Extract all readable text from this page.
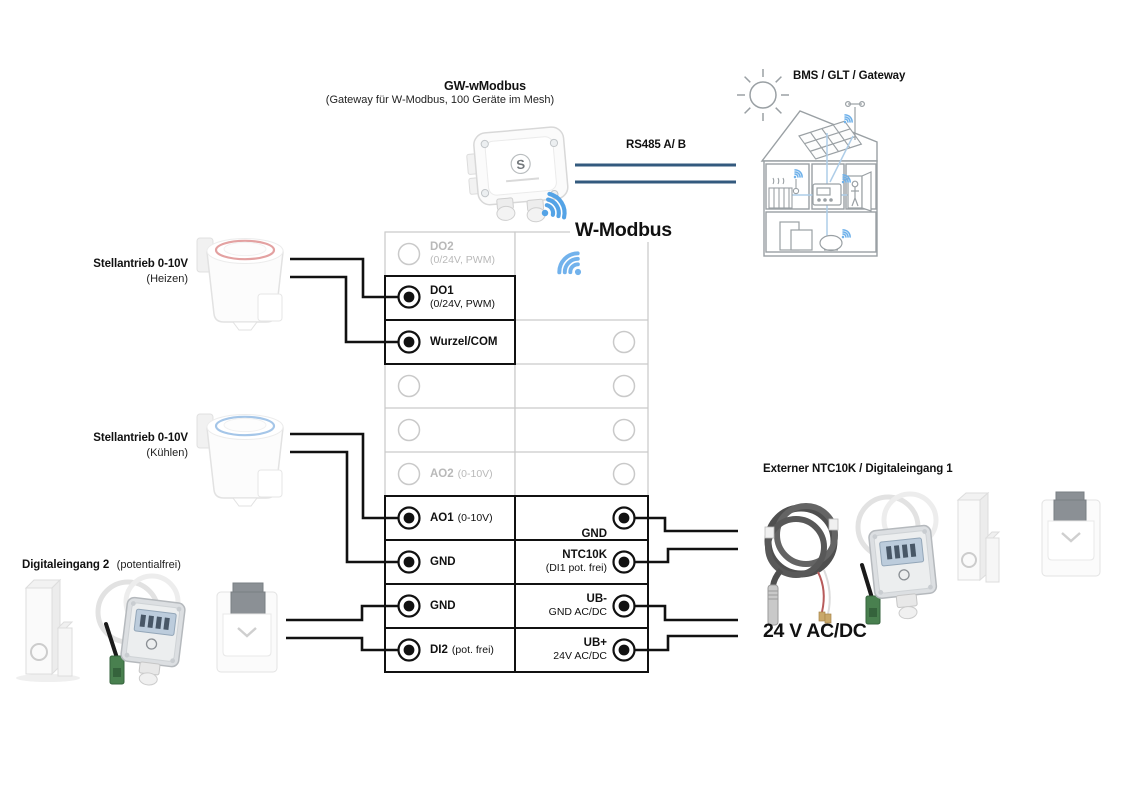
S
GW-wModbus
(Gateway für W-Modbus, 100 Geräte im Mesh)
RS485 A/ B
BMS / GLT / Gateway
W-Modbus
Stellantrieb 0-10V
(Heizen)
Stellantrieb 0-10V
(Kühlen)
Digitaleingang 2 (potentialfrei)
Externer NTC10K / Digitaleingang 1
24 V AC/DC
DO2
(0/24V, PWM)
DO1
(0/24V, PWM)
Wurzel/COM
AO2 (0-10V)
AO1 (0-10V)
GND
GND
DI2 (pot. frei)
GND
NTC10K
(DI1 pot. frei)
UB-
GND AC/DC
UB+
24V AC/DC
